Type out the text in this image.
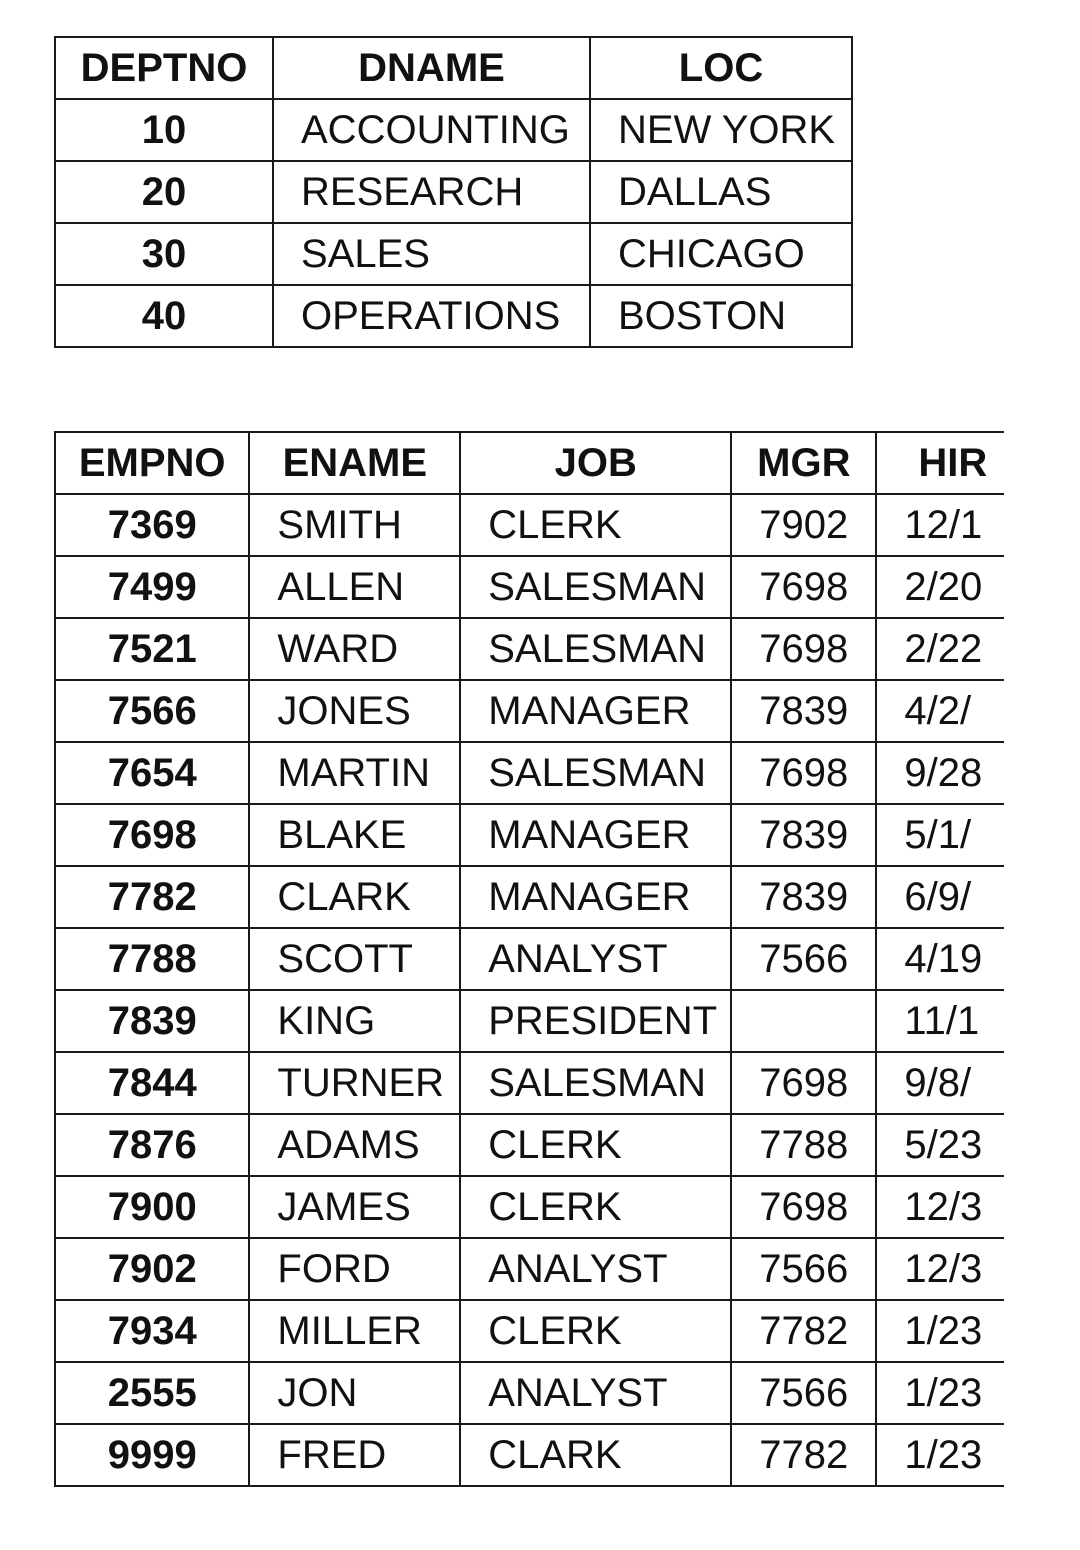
DEPTNO	DNAME	LOC
10	ACCOUNTING	NEW YORK
20	RESEARCH	DALLAS
30	SALES	CHICAGO
40	OPERATIONS	BOSTON
EMPNO	ENAME	JOB	MGR	HIR
7369	SMITH	CLERK	7902	12/1
7499	ALLEN	SALESMAN	7698	2/20
7521	WARD	SALESMAN	7698	2/22
7566	JONES	MANAGER	7839	4/2/
7654	MARTIN	SALESMAN	7698	9/28
7698	BLAKE	MANAGER	7839	5/1/
7782	CLARK	MANAGER	7839	6/9/
7788	SCOTT	ANALYST	7566	4/19
7839	KING	PRESIDENT		11/1
7844	TURNER	SALESMAN	7698	9/8/
7876	ADAMS	CLERK	7788	5/23
7900	JAMES	CLERK	7698	12/3
7902	FORD	ANALYST	7566	12/3
7934	MILLER	CLERK	7782	1/23
2555	JON	ANALYST	7566	1/23
9999	FRED	CLARK	7782	1/23
